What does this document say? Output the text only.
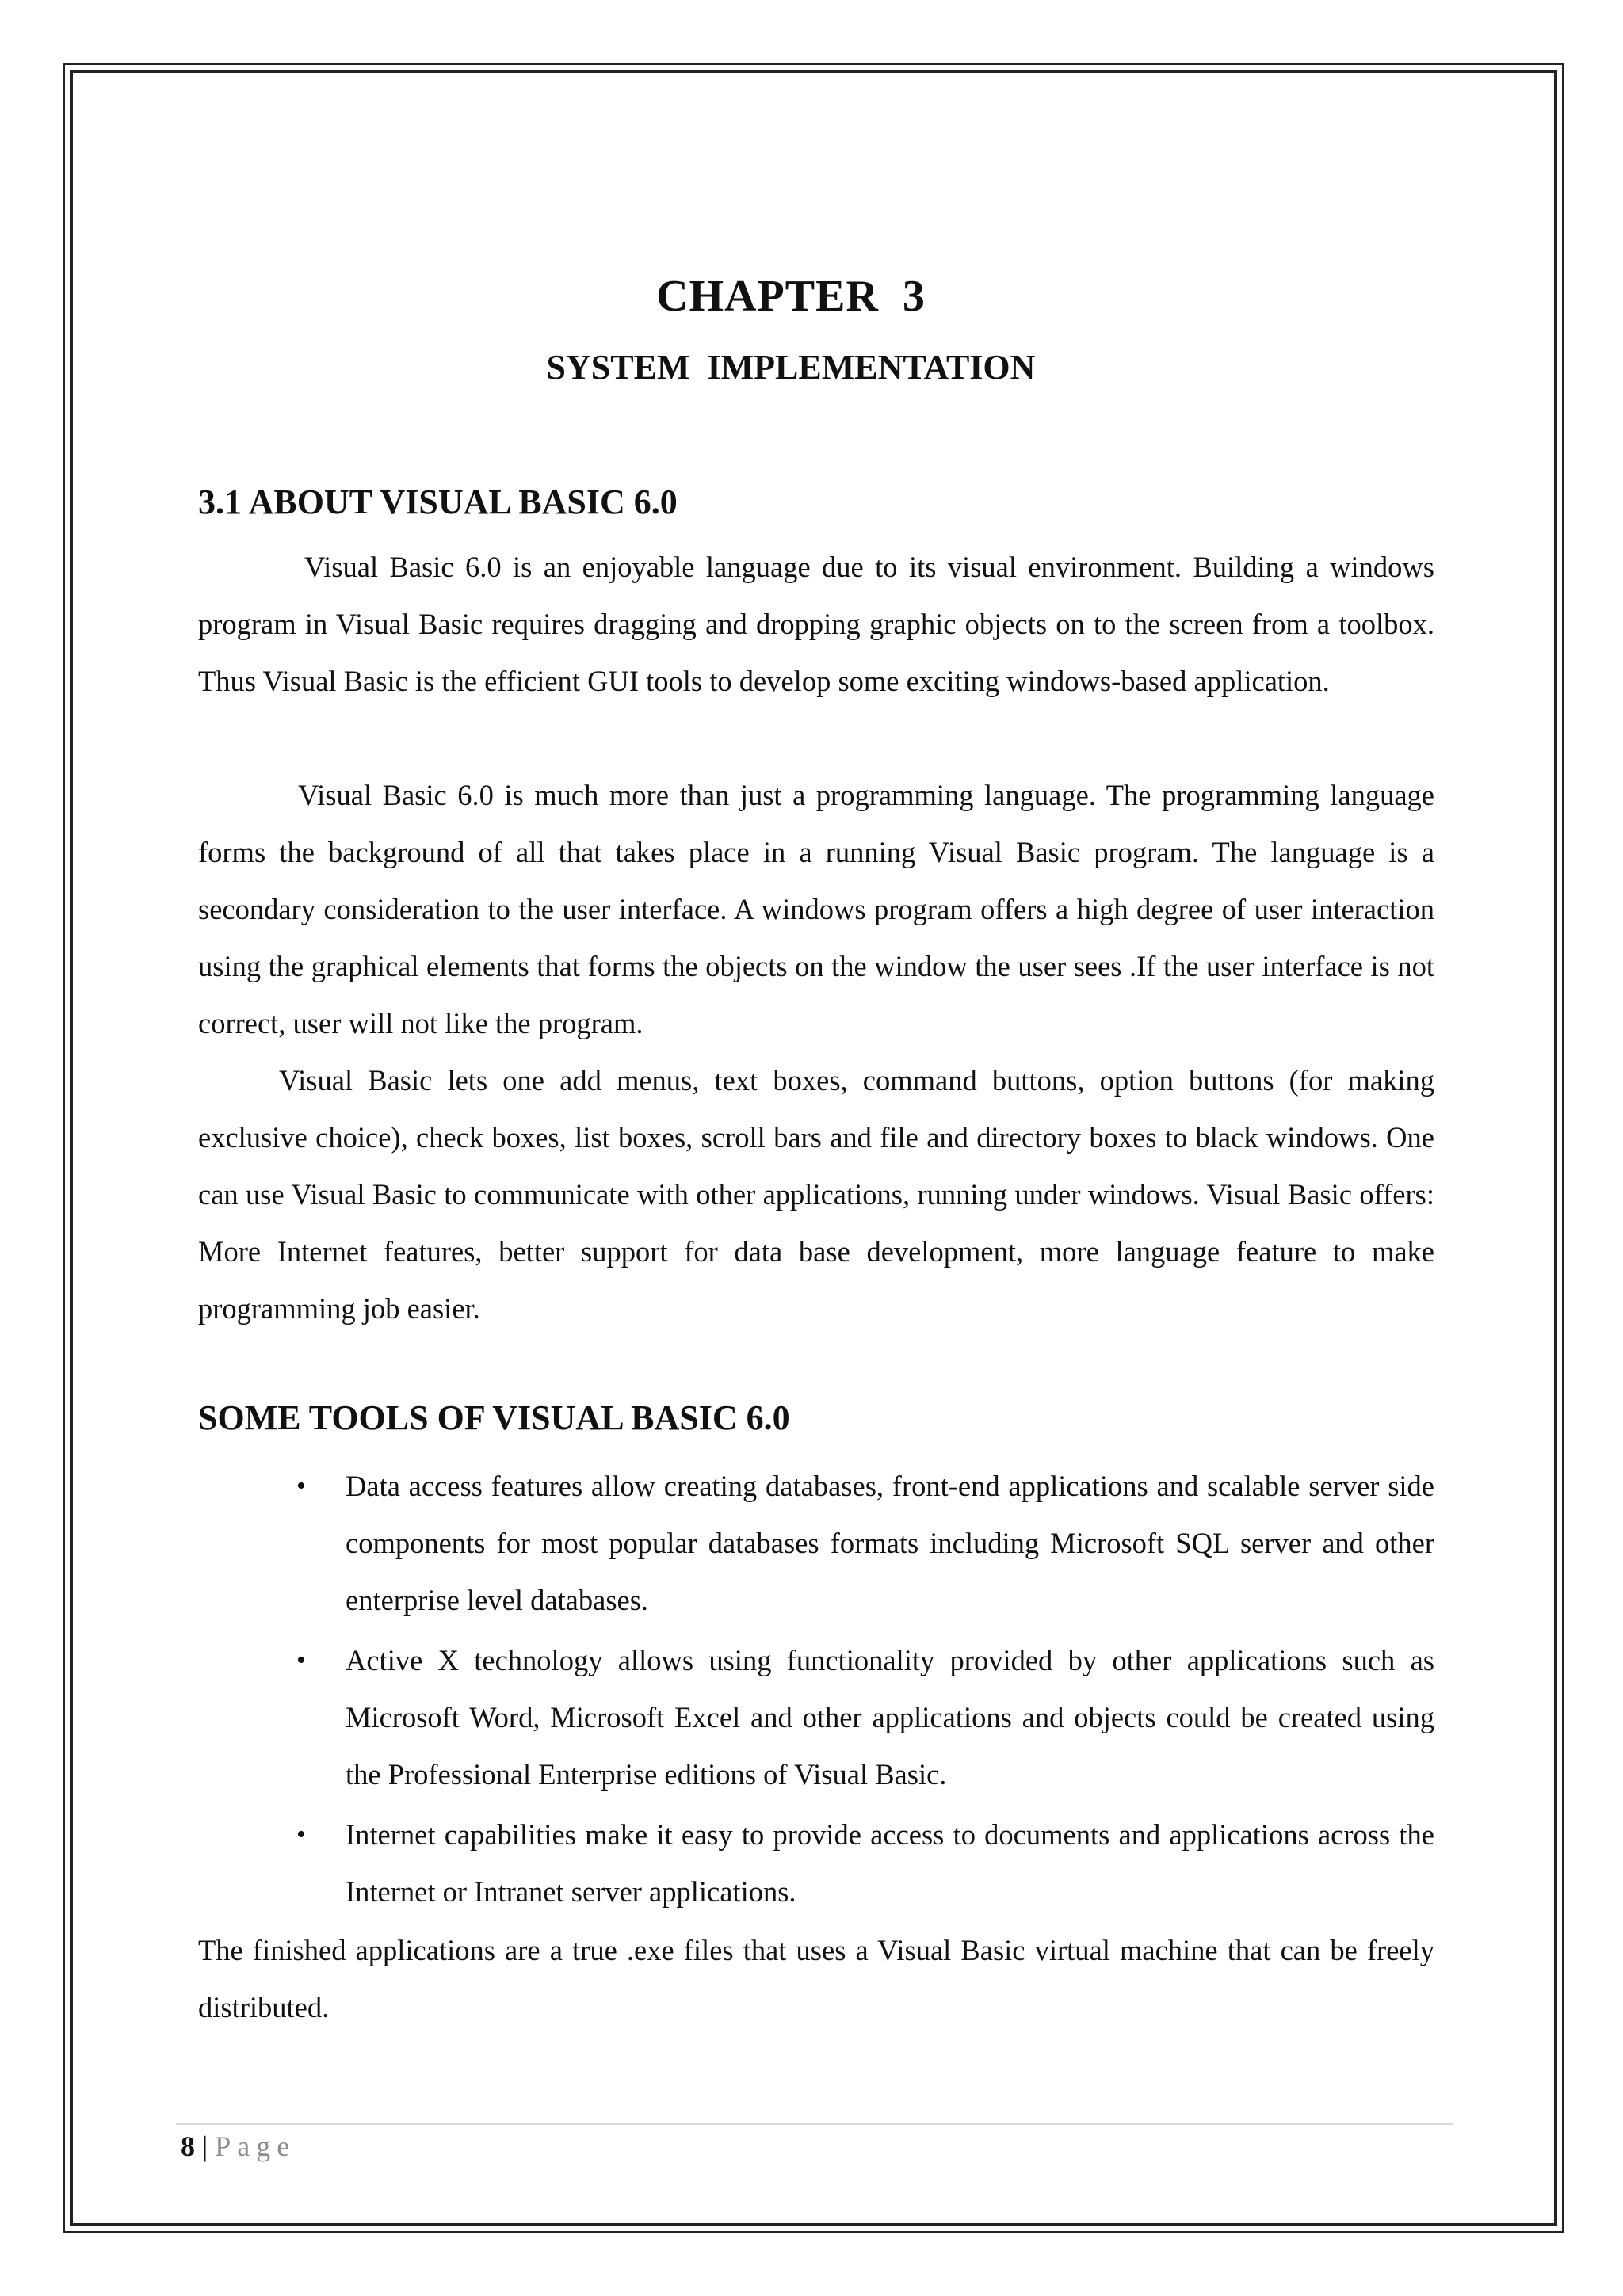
CHAPTER  3
SYSTEM  IMPLEMENTATION
3.1 ABOUT VISUAL BASIC 6.0
Visual Basic 6.0 is an enjoyable language due to its visual environment. Building a windows program in Visual Basic requires dragging and dropping graphic objects on to the screen from a toolbox. Thus Visual Basic is the efficient GUI tools to develop some exciting windows-based application.
Visual Basic 6.0 is much more than just a programming language. The programming language forms the background of all that takes place in a running Visual Basic program. The language is a secondary consideration to the user interface. A windows program offers a high degree of user interaction using the graphical elements that forms the objects on the window the user sees .If the user interface is not correct, user will not like the program.
Visual Basic lets one add menus, text boxes, command buttons, option buttons (for making exclusive choice), check boxes, list boxes, scroll bars and file and directory boxes to black windows. One can use Visual Basic to communicate with other applications, running under windows. Visual Basic offers: More Internet features, better support for data base development, more language feature to make programming job easier.
SOME TOOLS OF VISUAL BASIC 6.0
• Data access features allow creating databases, front-end applications and scalable server side components for most popular databases formats including Microsoft SQL server and other enterprise level databases.
• Active X technology allows using functionality provided by other applications such as Microsoft Word, Microsoft Excel and other applications and objects could be created using the Professional Enterprise editions of Visual Basic.
• Internet capabilities make it easy to provide access to documents and applications across the Internet or Intranet server applications.
The finished applications are a true .exe files that uses a Visual Basic virtual machine that can be freely distributed.
8 | Page
